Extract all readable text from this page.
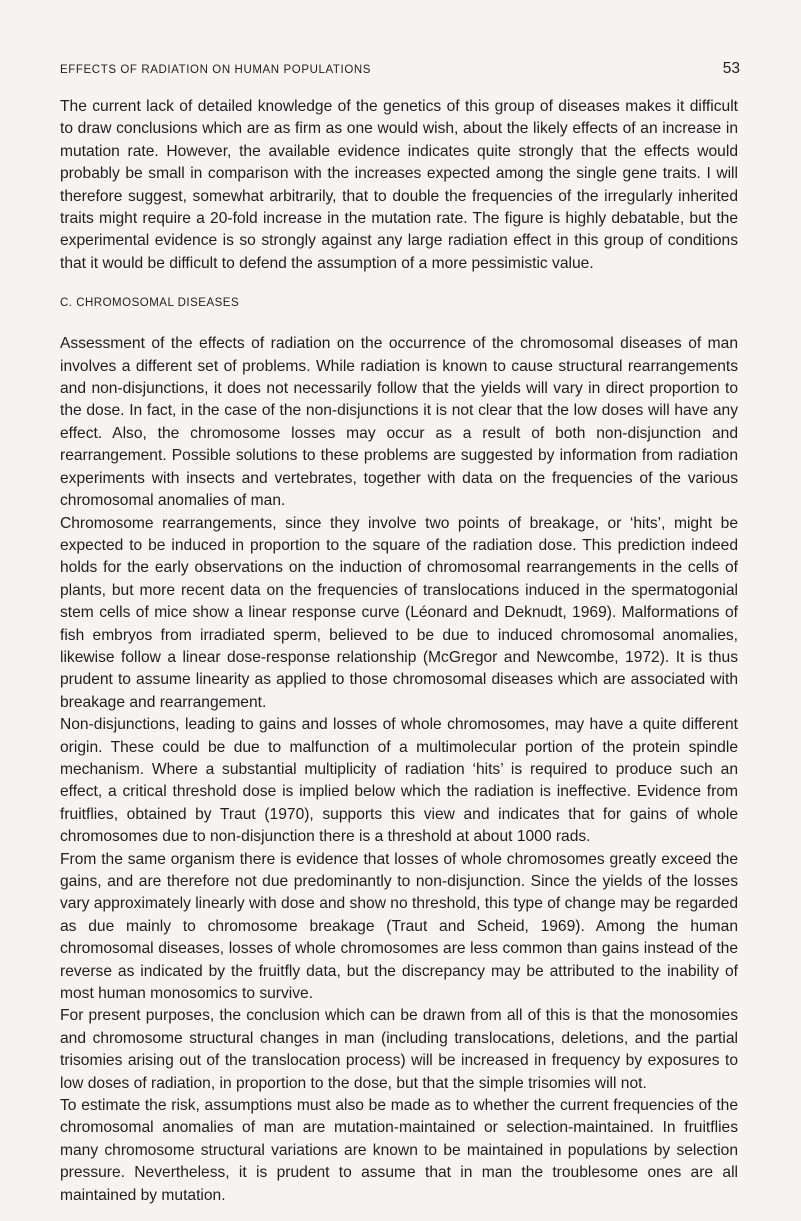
EFFECTS OF RADIATION ON HUMAN POPULATIONS	53

The current lack of detailed knowledge of the genetics of this group of diseases makes it difficult to draw conclusions which are as firm as one would wish, about the likely effects of an increase in mutation rate. However, the available evidence indicates quite strongly that the effects would probably be small in comparison with the increases expected among the single gene traits. I will therefore suggest, somewhat arbitrarily, that to double the frequencies of the irregularly inherited traits might require a 20-fold increase in the mutation rate. The figure is highly debatable, but the experimental evidence is so strongly against any large radiation effect in this group of conditions that it would be difficult to defend the assumption of a more pessimistic value.

C. CHROMOSOMAL DISEASES

Assessment of the effects of radiation on the occurrence of the chromosomal diseases of man involves a different set of problems. While radiation is known to cause structural rearrangements and non-disjunctions, it does not necessarily follow that the yields will vary in direct proportion to the dose. In fact, in the case of the non-disjunctions it is not clear that the low doses will have any effect. Also, the chromosome losses may occur as a result of both non-disjunction and rearrangement. Possible solutions to these problems are suggested by information from radiation experiments with insects and vertebrates, together with data on the frequencies of the various chromosomal anomalies of man.

Chromosome rearrangements, since they involve two points of breakage, or ‘hits’, might be expected to be induced in proportion to the square of the radiation dose. This prediction indeed holds for the early observations on the induction of chromosomal rearrangements in the cells of plants, but more recent data on the frequencies of translocations induced in the spermatogonial stem cells of mice show a linear response curve (Léonard and Deknudt, 1969). Malformations of fish embryos from irradiated sperm, believed to be due to induced chromosomal anomalies, likewise follow a linear dose-response relationship (McGregor and Newcombe, 1972). It is thus prudent to assume linearity as applied to those chromosomal diseases which are associated with breakage and rearrangement.

Non-disjunctions, leading to gains and losses of whole chromosomes, may have a quite different origin. These could be due to malfunction of a multimolecular portion of the protein spindle mechanism. Where a substantial multiplicity of radiation ‘hits’ is required to produce such an effect, a critical threshold dose is implied below which the radiation is ineffective. Evidence from fruitflies, obtained by Traut (1970), supports this view and indicates that for gains of whole chromosomes due to non-disjunction there is a threshold at about 1000 rads.

From the same organism there is evidence that losses of whole chromosomes greatly exceed the gains, and are therefore not due predominantly to non-disjunction. Since the yields of the losses vary approximately linearly with dose and show no threshold, this type of change may be regarded as due mainly to chromosome breakage (Traut and Scheid, 1969). Among the human chromosomal diseases, losses of whole chromosomes are less common than gains instead of the reverse as indicated by the fruitfly data, but the discrepancy may be attributed to the inability of most human monosomics to survive.

For present purposes, the conclusion which can be drawn from all of this is that the monosomies and chromosome structural changes in man (including translocations, deletions, and the partial trisomies arising out of the translocation process) will be increased in frequency by exposures to low doses of radiation, in proportion to the dose, but that the simple trisomies will not.

To estimate the risk, assumptions must also be made as to whether the current frequencies of the chromosomal anomalies of man are mutation-maintained or selection-maintained. In fruitflies many chromosome structural variations are known to be maintained in populations by selection pressure. Nevertheless, it is prudent to assume that in man the troublesome ones are all maintained by mutation.
